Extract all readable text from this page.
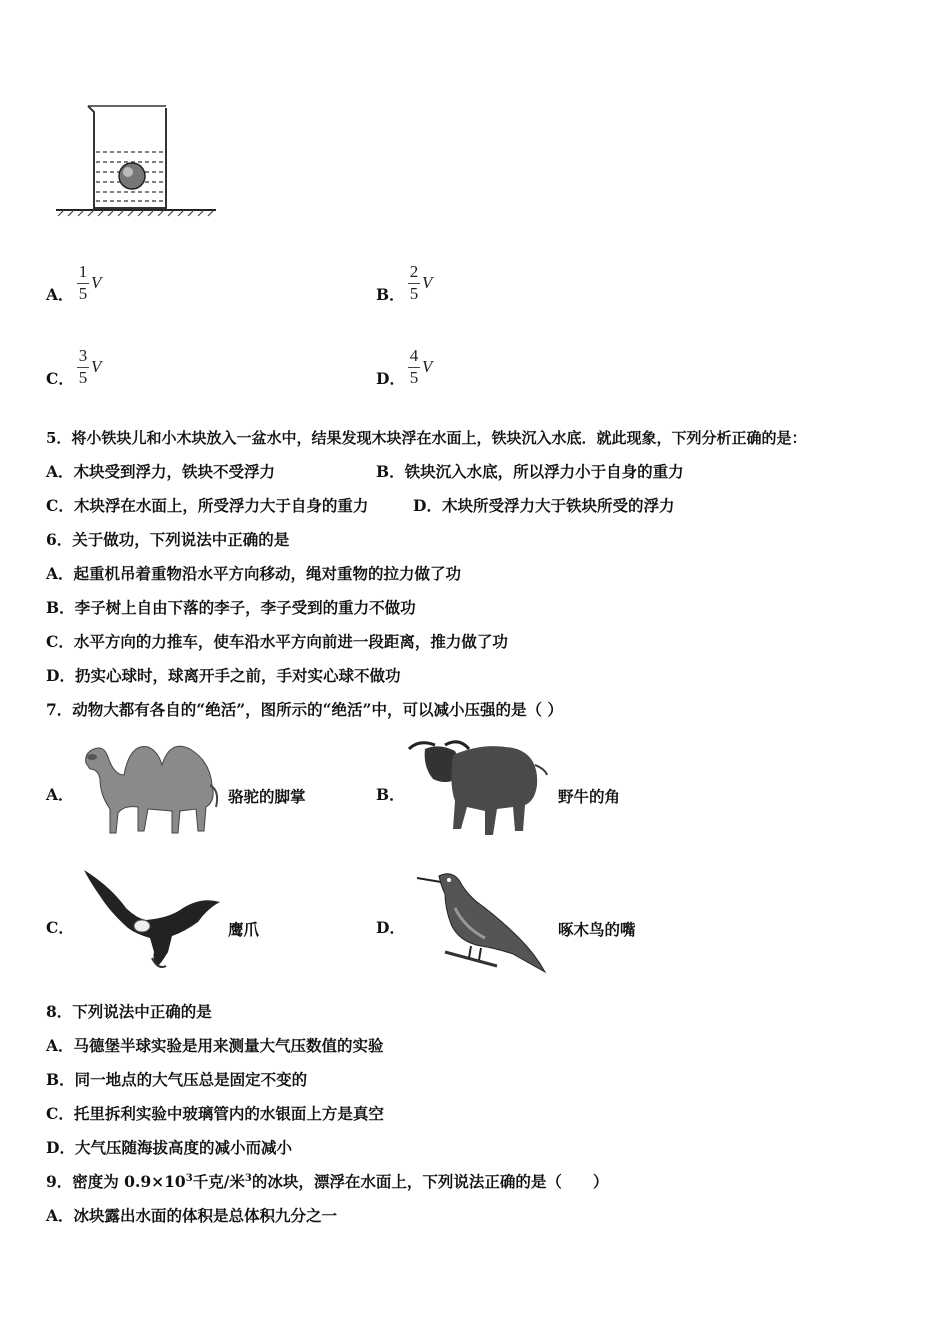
A．
1
5
V
B．
2
5
V
C．
3
5
V
D．
4
5
V
5．将小铁块儿和小木块放入一盆水中，结果发现木块浮在水面上，铁块沉入水底．就此现象，下列分析正确的是：
A．木块受到浮力，铁块不受浮力	B．铁块沉入水底，所以浮力小于自身的重力
C．木块浮在水面上，所受浮力大于自身的重力	D．木块所受浮力大于铁块所受的浮力
6．关于做功，下列说法中正确的是
A．起重机吊着重物沿水平方向移动，绳对重物的拉力做了功
B．李子树上自由下落的李子，李子受到的重力不做功
C．水平方向的力推车，使车沿水平方向前进一段距离，推力做了功
D．扔实心球时，球离开手之前，手对实心球不做功
7．动物大都有各自的“绝活”，图所示的“绝活”中，可以减小压强的是（ ）
A．	骆驼的脚掌	B．	野牛的角
C．	鹰爪	D．	啄木鸟的嘴
8．下列说法中正确的是
A．马德堡半球实验是用来测量大气压数值的实验
B．同一地点的大气压总是固定不变的
C．托里拆利实验中玻璃管内的水银面上方是真空
D．大气压随海拔高度的减小而减小
9．密度为 $0.9\times 10^3$千克/米$^3$的冰块，漂浮在水面上，下列说法正确的是（　　）
A．冰块露出水面的体积是总体积九分之一
